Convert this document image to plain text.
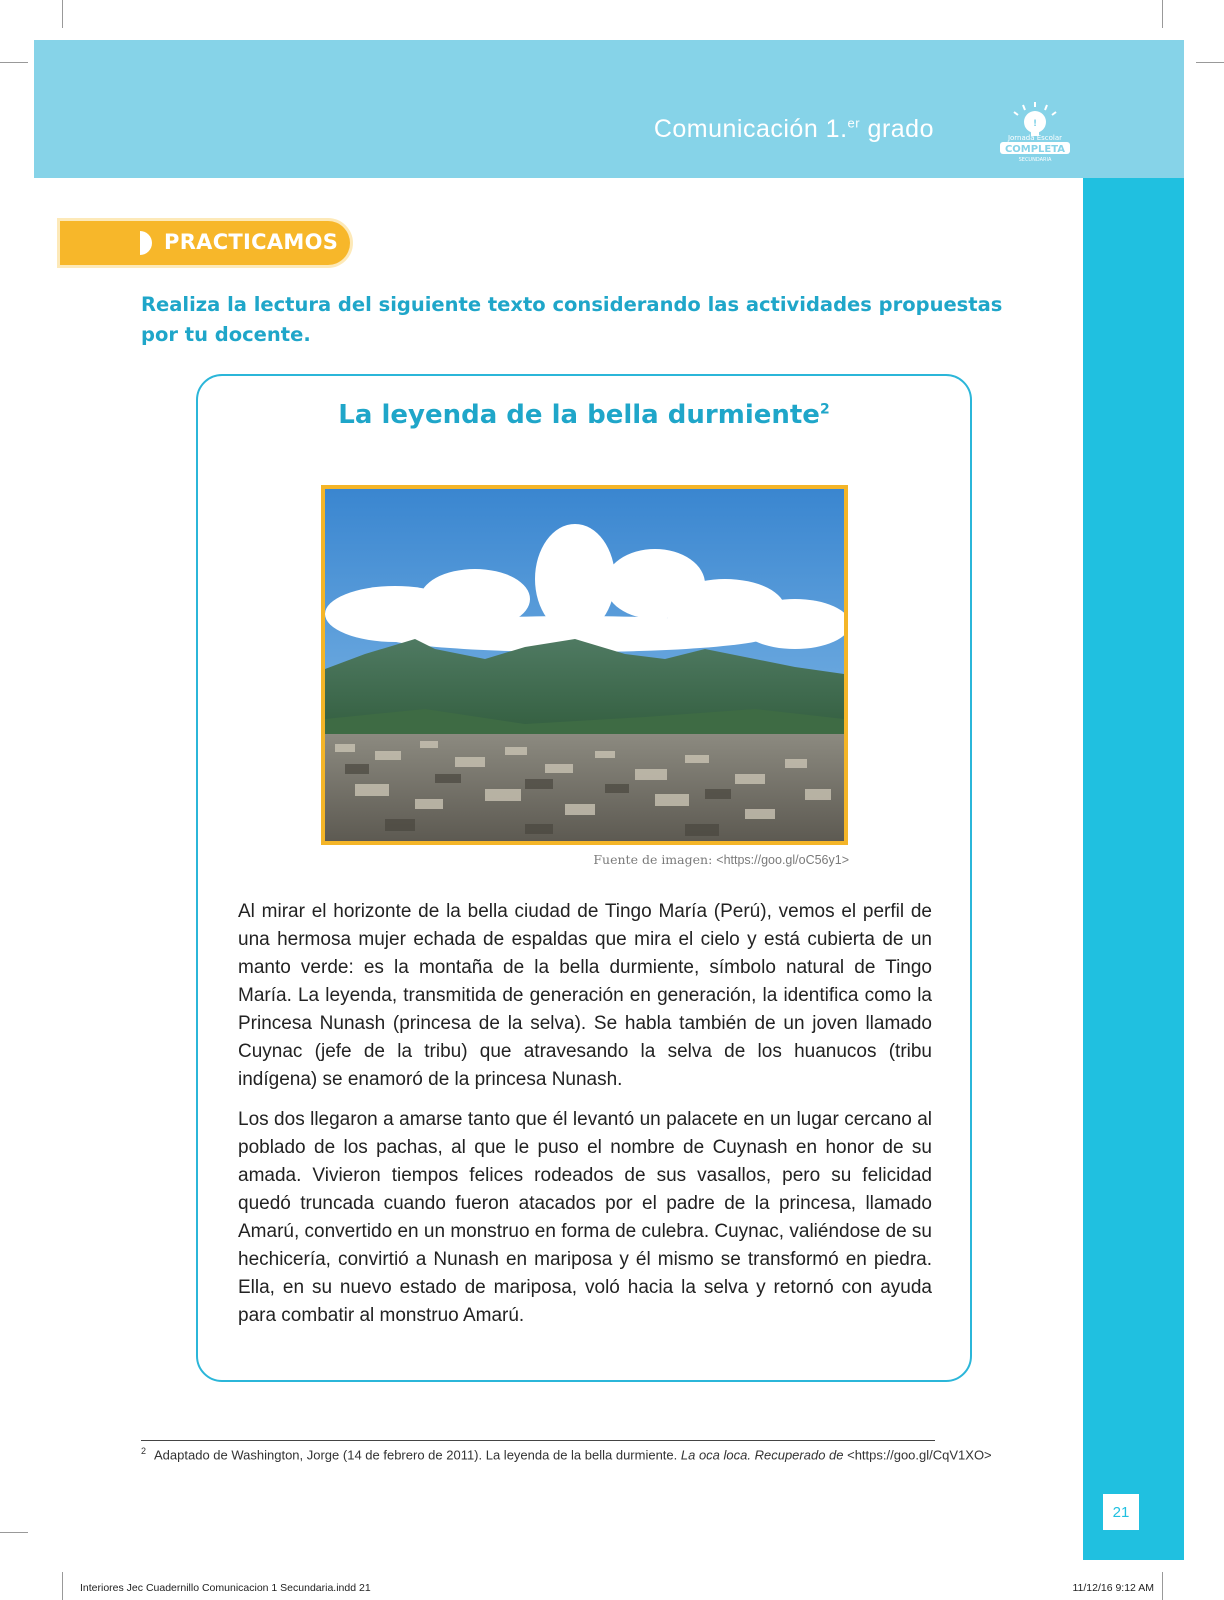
Comunicación 1.$^{er}$ grado	!
Jornada Escolar
COMPLETA
SECUNDARIA
21
PRACTICAMOS
Realiza la lectura del siguiente texto considerando las actividades propuestas por tu docente.
La leyenda de la bella durmiente$^2$
Fuente de imagen: <https://goo.gl/oC56y1>

Al mirar el horizonte de la bella ciudad de Tingo María (Perú), vemos el perfil de una hermosa mujer echada de espaldas que mira el cielo y está cubierta de un manto verde: es la montaña de la bella durmiente, símbolo natural de Tingo María. La leyenda, transmitida de generación en generación, la identifica como la Princesa Nunash (princesa de la selva). Se habla también de un joven llamado Cuynac (jefe de la tribu) que atravesando la selva de los huanucos (tribu indígena) se enamoró de la princesa Nunash.

Los dos llegaron a amarse tanto que él levantó un palacete en un lugar cercano al poblado de los pachas, al que le puso el nombre de Cuynash en honor de su amada. Vivieron tiempos felices rodeados de sus vasallos, pero su felicidad quedó truncada cuando fueron atacados por el padre de la princesa, llamado Amarú, convertido en un monstruo en forma de culebra. Cuynac, valiéndose de su hechicería, convirtió a Nunash en mariposa y él mismo se transformó en piedra. Ella, en su nuevo estado de mariposa, voló hacia la selva y retornó con ayuda para combatir al monstruo Amarú.

$^2$ Adaptado de Washington, Jorge (14 de febrero de 2011). La leyenda de la bella durmiente. La oca loca. Recuperado de <https://goo.gl/CqV1XO>
Interiores Jec Cuadernillo Comunicacion 1 Secundaria.indd 21	11/12/16 9:12 AM
